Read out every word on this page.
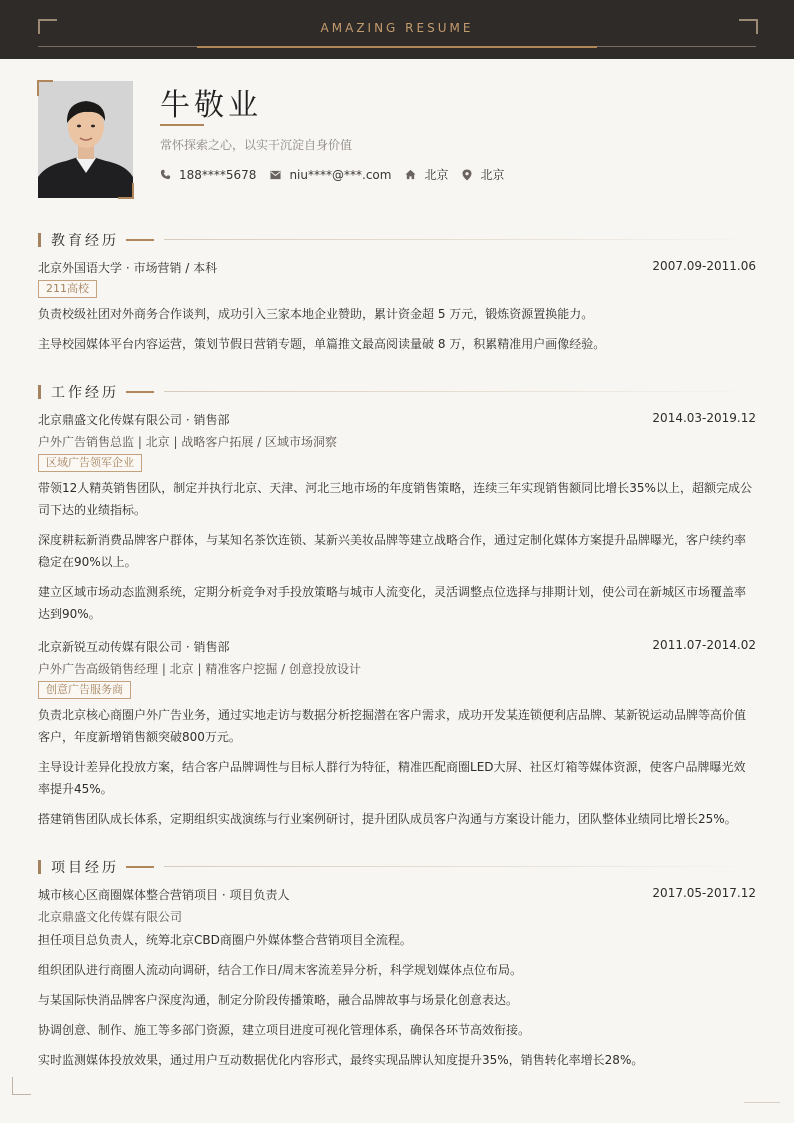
AMAZING RESUME
牛敬业
常怀探索之心，以实干沉淀自身价值
188****5678	niu****@***.com	北京	北京
教育经历
北京外国语大学 · 市场营销 / 本科	2007.09-2011.06
211高校
负责校级社团对外商务合作谈判，成功引入三家本地企业赞助，累计资金超 5 万元，锻炼资源置换能力。
主导校园媒体平台内容运营，策划节假日营销专题，单篇推文最高阅读量破 8 万，积累精准用户画像经验。
工作经历
北京鼎盛文化传媒有限公司 · 销售部	2014.03-2019.12
户外广告销售总监 | 北京 | 战略客户拓展 / 区域市场洞察
区域广告领军企业
带领12人精英销售团队，制定并执行北京、天津、河北三地市场的年度销售策略，连续三年实现销售额同比增长35%以上，超额完成公司下达的业绩指标。
深度耕耘新消费品牌客户群体，与某知名茶饮连锁、某新兴美妆品牌等建立战略合作，通过定制化媒体方案提升品牌曝光，客户续约率稳定在90%以上。
建立区域市场动态监测系统，定期分析竞争对手投放策略与城市人流变化，灵活调整点位选择与排期计划，使公司在新城区市场覆盖率达到90%。
北京新锐互动传媒有限公司 · 销售部	2011.07-2014.02
户外广告高级销售经理 | 北京 | 精准客户挖掘 / 创意投放设计
创意广告服务商
负责北京核心商圈户外广告业务，通过实地走访与数据分析挖掘潜在客户需求，成功开发某连锁便利店品牌、某新锐运动品牌等高价值客户，年度新增销售额突破800万元。
主导设计差异化投放方案，结合客户品牌调性与目标人群行为特征，精准匹配商圈LED大屏、社区灯箱等媒体资源，使客户品牌曝光效率提升45%。
搭建销售团队成长体系，定期组织实战演练与行业案例研讨，提升团队成员客户沟通与方案设计能力，团队整体业绩同比增长25%。
项目经历
城市核心区商圈媒体整合营销项目 · 项目负责人	2017.05-2017.12
北京鼎盛文化传媒有限公司
担任项目总负责人，统筹北京CBD商圈户外媒体整合营销项目全流程。
组织团队进行商圈人流动向调研，结合工作日/周末客流差异分析，科学规划媒体点位布局。
与某国际快消品牌客户深度沟通，制定分阶段传播策略，融合品牌故事与场景化创意表达。
协调创意、制作、施工等多部门资源，建立项目进度可视化管理体系，确保各环节高效衔接。
实时监测媒体投放效果，通过用户互动数据优化内容形式，最终实现品牌认知度提升35%，销售转化率增长28%。
